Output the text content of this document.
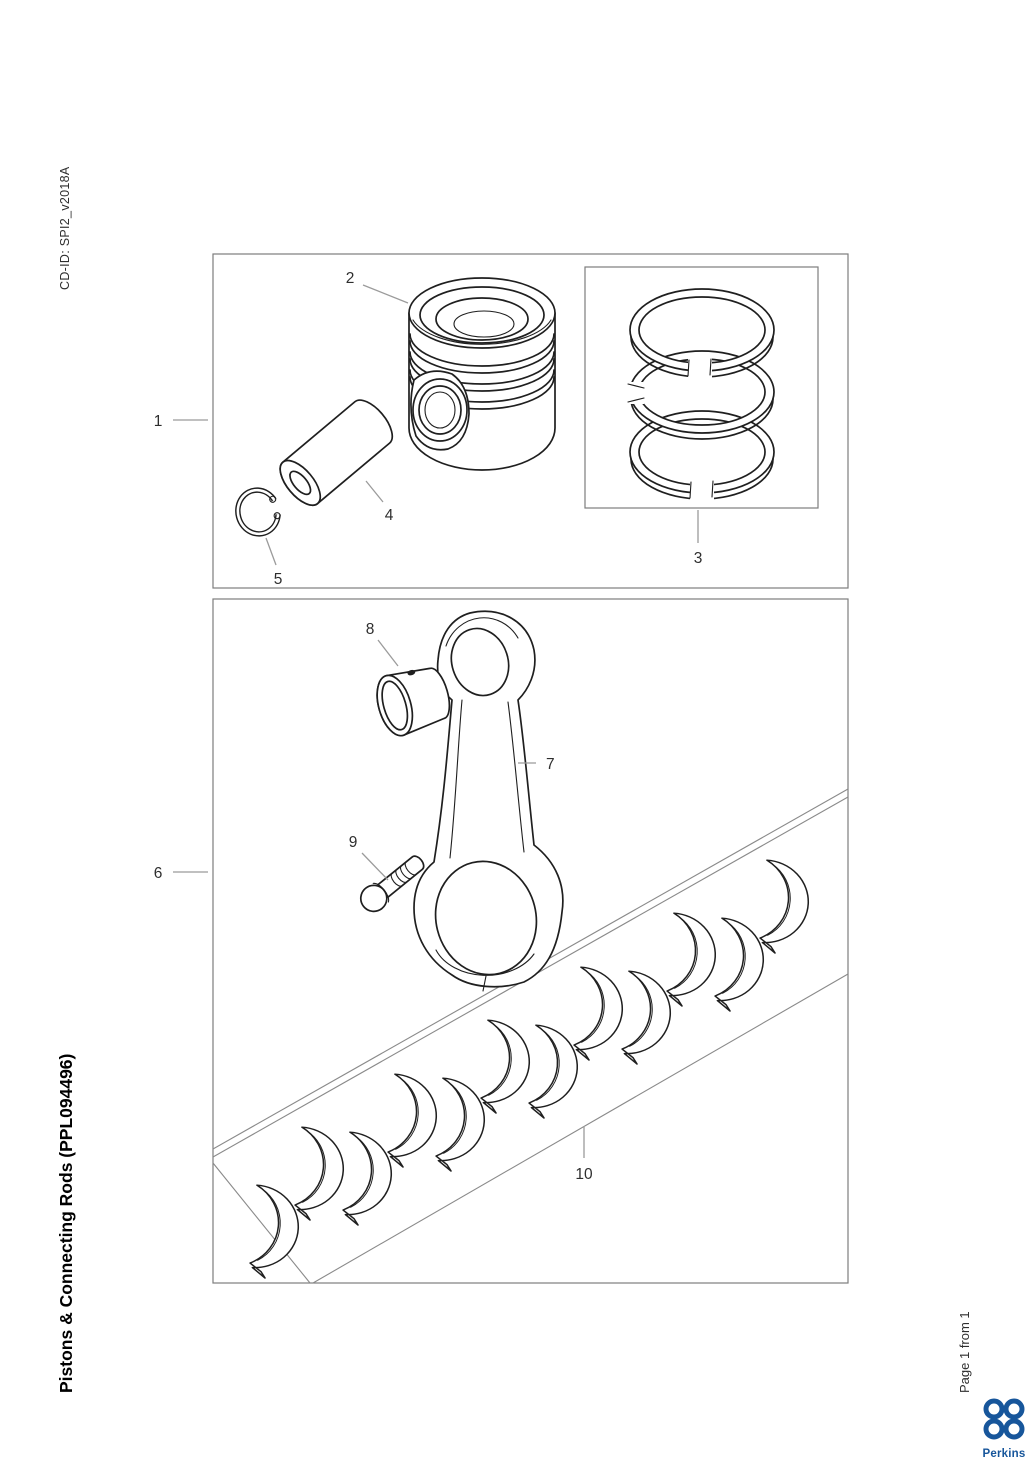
CD-ID: SPI2_v2018A
Pistons & Connecting Rods (PPL094496)	Page 1 from 1
Perkins
1
2
3
4
5
6
7
8
9
10
